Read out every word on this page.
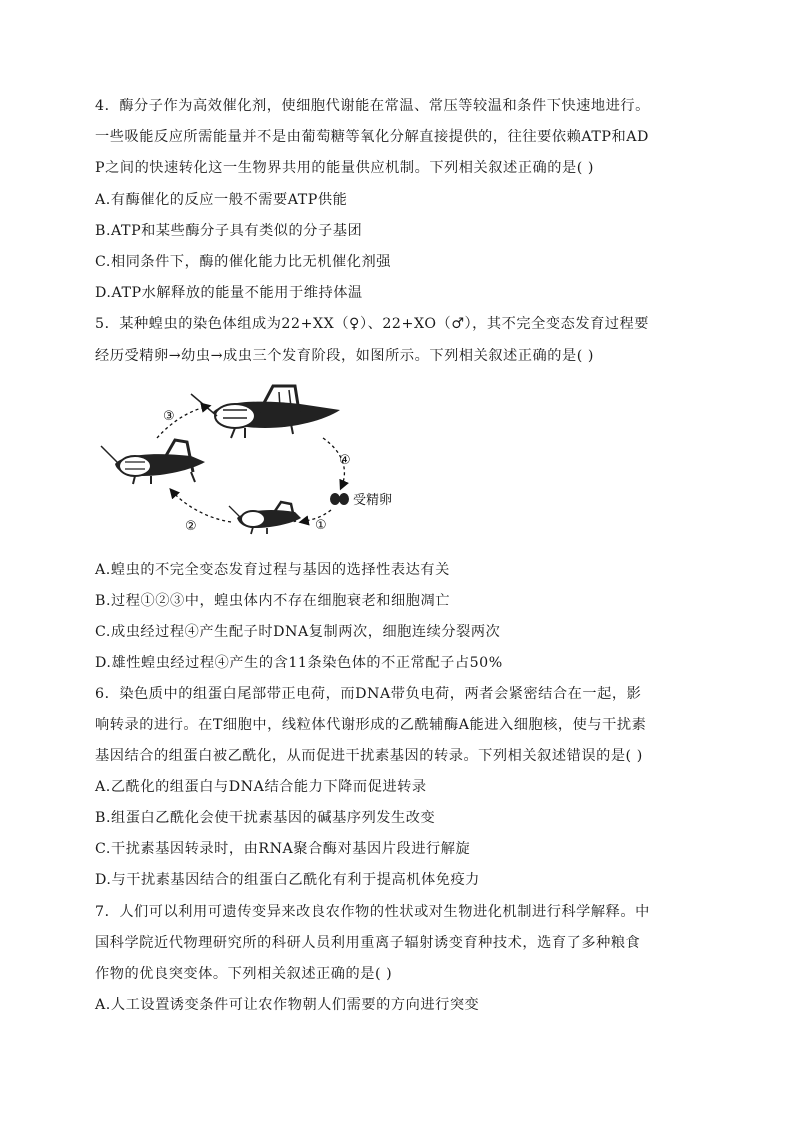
4．酶分子作为高效催化剂，使细胞代谢能在常温、常压等较温和条件下快速地进行。
一些吸能反应所需能量并不是由葡萄糖等氧化分解直接提供的，往往要依赖ATP和AD
P之间的快速转化这一生物界共用的能量供应机制。下列相关叙述正确的是( )
A.有酶催化的反应一般不需要ATP供能
B.ATP和某些酶分子具有类似的分子基团
C.相同条件下，酶的催化能力比无机催化剂强
D.ATP水解释放的能量不能用于维持体温
5．某种蝗虫的染色体组成为22+XX（♀）、22+XO（♂），其不完全变态发育过程要
经历受精卵→幼虫→成虫三个发育阶段，如图所示。下列相关叙述正确的是( )
受精卵
③
④
①
②
A.蝗虫的不完全变态发育过程与基因的选择性表达有关
B.过程①②③中，蝗虫体内不存在细胞衰老和细胞凋亡
C.成虫经过程④产生配子时DNA复制两次，细胞连续分裂两次
D.雄性蝗虫经过程④产生的含11条染色体的不正常配子占50%
6．染色质中的组蛋白尾部带正电荷，而DNA带负电荷，两者会紧密结合在一起，影
响转录的进行。在T细胞中，线粒体代谢形成的乙酰辅酶A能进入细胞核，使与干扰素
基因结合的组蛋白被乙酰化，从而促进干扰素基因的转录。下列相关叙述错误的是( )
A.乙酰化的组蛋白与DNA结合能力下降而促进转录
B.组蛋白乙酰化会使干扰素基因的碱基序列发生改变
C.干扰素基因转录时，由RNA聚合酶对基因片段进行解旋
D.与干扰素基因结合的组蛋白乙酰化有利于提高机体免疫力
7．人们可以利用可遗传变异来改良农作物的性状或对生物进化机制进行科学解释。中
国科学院近代物理研究所的科研人员利用重离子辐射诱变育种技术，选育了多种粮食
作物的优良突变体。下列相关叙述正确的是( )
A.人工设置诱变条件可让农作物朝人们需要的方向进行突变
